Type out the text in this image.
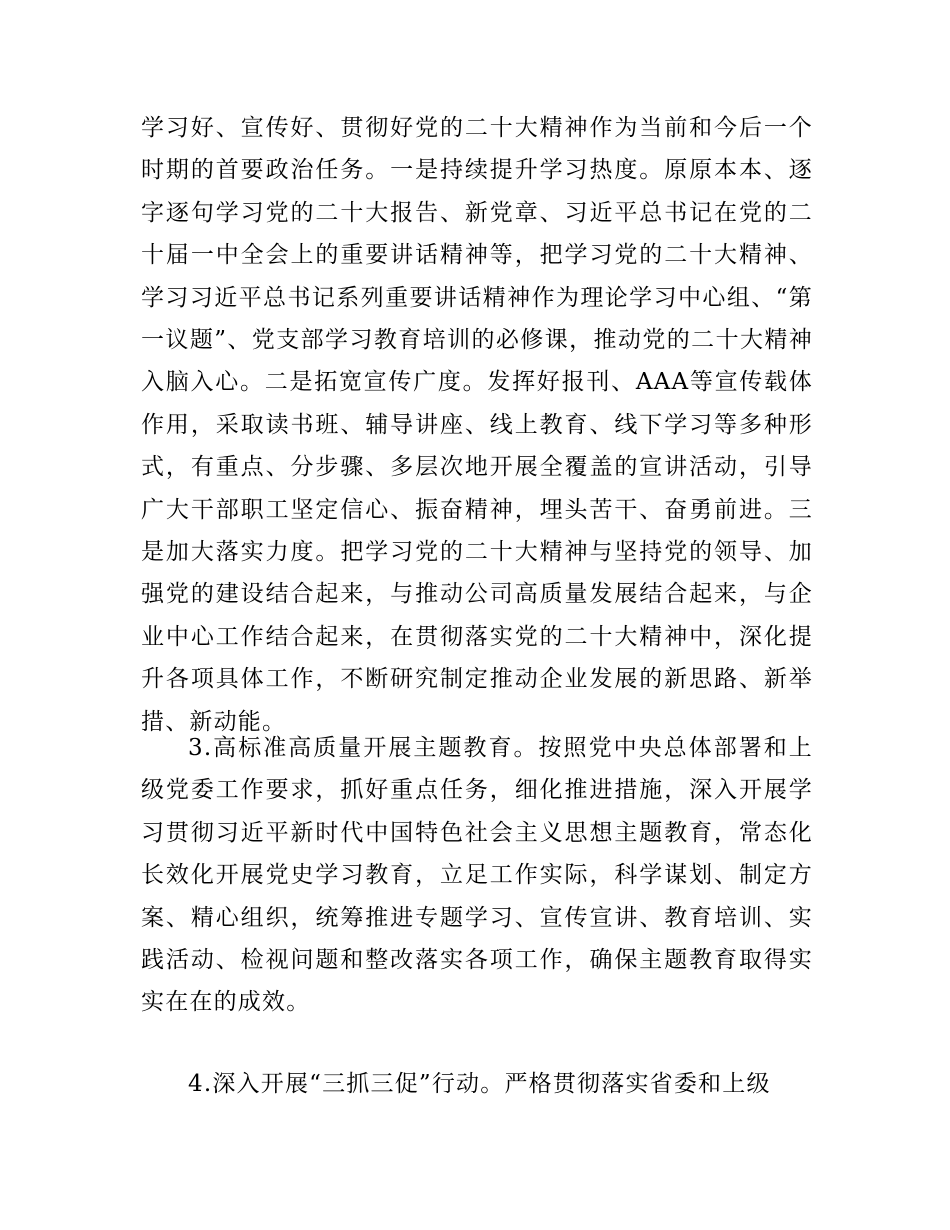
学习好、宣传好、贯彻好党的二十大精神作为当前和今后一个时期的首要政治任务。一是持续提升学习热度。原原本本、逐字逐句学习党的二十大报告、新党章、习近平总书记在党的二十届一中全会上的重要讲话精神等，把学习党的二十大精神、学习习近平总书记系列重要讲话精神作为理论学习中心组、“第一议题”、党支部学习教育培训的必修课，推动党的二十大精神入脑入心。二是拓宽宣传广度。发挥好报刊、AAA等宣传载体作用，采取读书班、辅导讲座、线上教育、线下学习等多种形式，有重点、分步骤、多层次地开展全覆盖的宣讲活动，引导广大干部职工坚定信心、振奋精神，埋头苦干、奋勇前进。三是加大落实力度。把学习党的二十大精神与坚持党的领导、加强党的建设结合起来，与推动公司高质量发展结合起来，与企业中心工作结合起来，在贯彻落实党的二十大精神中，深化提升各项具体工作，不断研究制定推动企业发展的新思路、新举措、新动能。

3.高标准高质量开展主题教育。按照党中央总体部署和上级党委工作要求，抓好重点任务，细化推进措施，深入开展学习贯彻习近平新时代中国特色社会主义思想主题教育，常态化长效化开展党史学习教育，立足工作实际，科学谋划、制定方案、精心组织，统筹推进专题学习、宣传宣讲、教育培训、实践活动、检视问题和整改落实各项工作，确保主题教育取得实实在在的成效。

4.深入开展“三抓三促”行动。严格贯彻落实省委和上级
